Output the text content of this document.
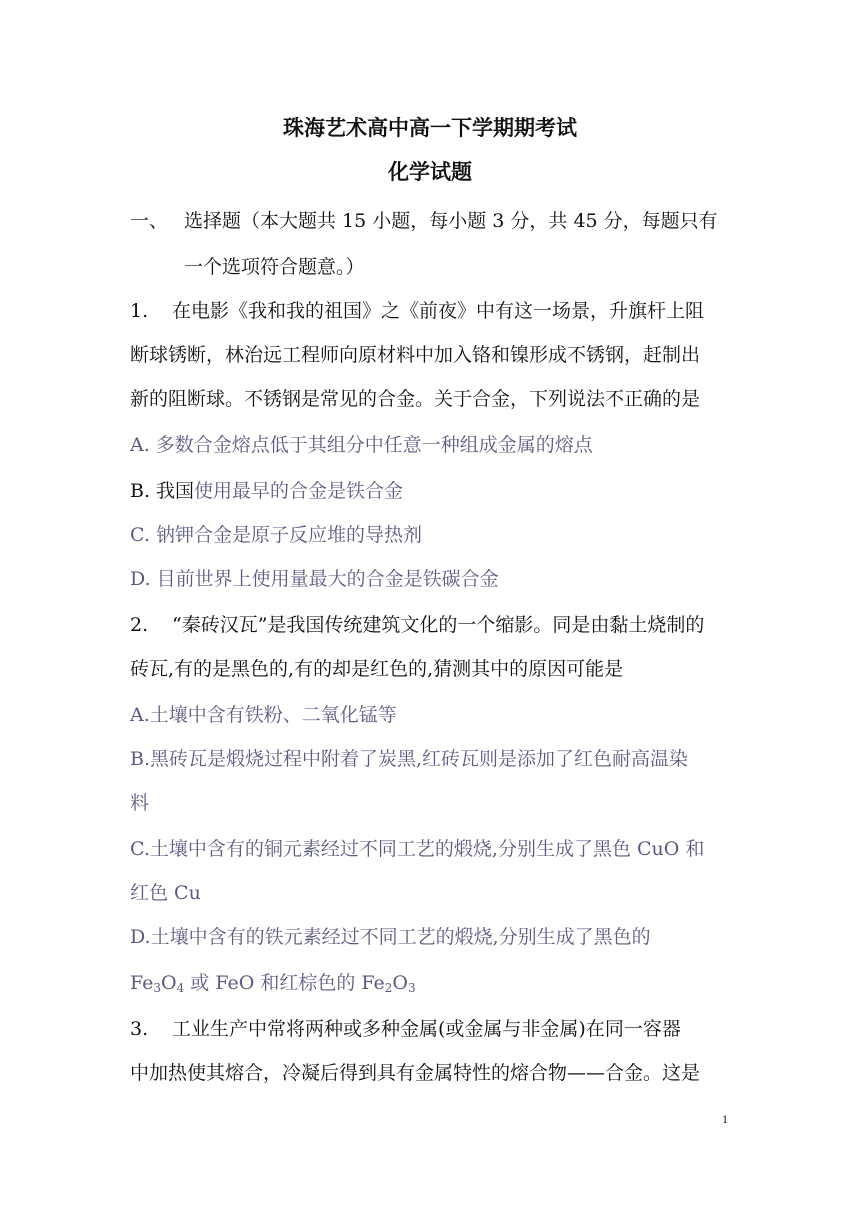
珠海艺术高中高一下学期期考试
化学试题
一、 选择题（本大题共 15 小题，每小题 3 分，共 45 分，每题只有
一个选项符合题意。）
1. 在电影《我和我的祖国》之《前夜》中有这一场景，升旗杆上阻
断球锈断，林治远工程师向原材料中加入铬和镍形成不锈钢，赶制出
新的阻断球。不锈钢是常见的合金。关于合金，下列说法不正确的是
A. 多数合金熔点低于其组分中任意一种组成金属的熔点
B. 我国使用最早的合金是铁合金
C. 钠钾合金是原子反应堆的导热剂
D. 目前世界上使用量最大的合金是铁碳合金
2. “秦砖汉瓦”是我国传统建筑文化的一个缩影。同是由黏土烧制的
砖瓦,有的是黑色的,有的却是红色的,猜测其中的原因可能是
A.土壤中含有铁粉、二氧化锰等
B.黑砖瓦是煅烧过程中附着了炭黑,红砖瓦则是添加了红色耐高温染
料
C.土壤中含有的铜元素经过不同工艺的煅烧,分别生成了黑色 CuO 和
红色 Cu
D.土壤中含有的铁元素经过不同工艺的煅烧,分别生成了黑色的
$Fe_3O_4$ 或 FeO 和红棕色的 $Fe_2O_3$
3. 工业生产中常将两种或多种金属(或金属与非金属)在同一容器
中加热使其熔合，冷凝后得到具有金属特性的熔合物——合金。这是
1
